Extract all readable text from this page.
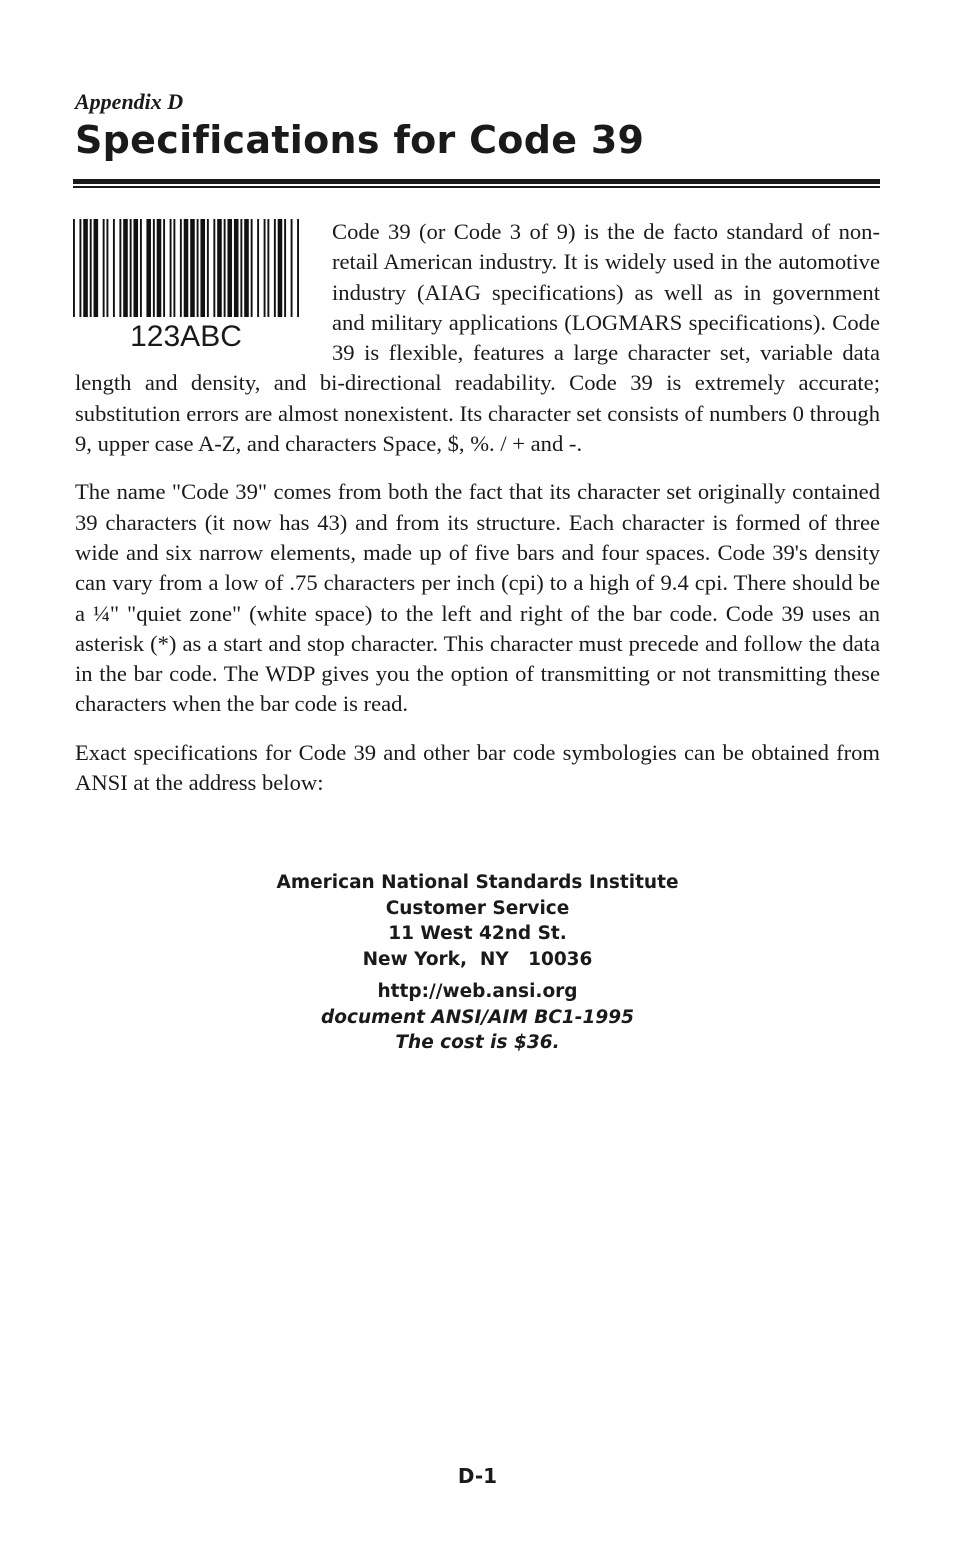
Appendix D
Specifications for Code 39
123ABC

Code 39 (or Code 3 of 9) is the de facto standard of non-retail American industry. It is widely used in the automotive industry (AIAG specifications) as well as in government and military applications (LOGMARS specifications). Code 39 is flexible, features a large character set, variable data length and density, and bi-directional readability. Code 39 is extremely accurate; substitution errors are almost nonexistent. Its character set consists of numbers 0 through 9, upper case A-Z, and characters Space, $, %. / + and -.

The name "Code 39" comes from both the fact that its character set originally contained 39 characters (it now has 43) and from its structure. Each character is formed of three wide and six narrow elements, made up of five bars and four spaces. Code 39's density can vary from a low of .75 characters per inch (cpi) to a high of 9.4 cpi. There should be a ¼" "quiet zone" (white space) to the left and right of the bar code. Code 39 uses an asterisk (*) as a start and stop character. This character must precede and follow the data in the bar code. The WDP gives you the option of transmitting or not transmitting these characters when the bar code is read.

Exact specifications for Code 39 and other bar code symbologies can be obtained from ANSI at the address below:

American National Standards Institute
Customer Service
11 West 42nd St.
New York,  NY   10036
http://web.ansi.org
document ANSI/AIM BC1-1995
The cost is $36.
D-1
